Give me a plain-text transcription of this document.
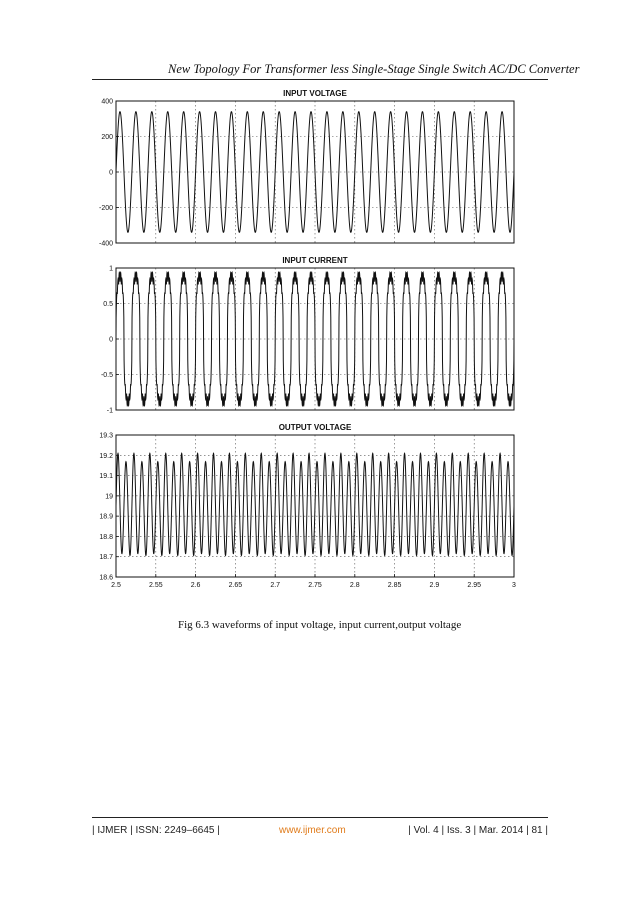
New Topology For Transformer less Single-Stage Single Switch AC/DC Converter
INPUT VOLTAGE
400
200
0
-200
-400
INPUT CURRENT
1
0.5
0
-0.5
-1
OUTPUT VOLTAGE
19.3
19.2
19.1
19
18.9
18.8
18.7
18.6
2.5	2.55	2.6	2.65	2.7	2.75	2.8	2.85	2.9	2.95	3
Fig 6.3 waveforms of input voltage, input current,output voltage
| IJMER | ISSN: 2249–6645 |	www.ijmer.com	| Vol. 4 | Iss. 3 | Mar. 2014 | 81 |
